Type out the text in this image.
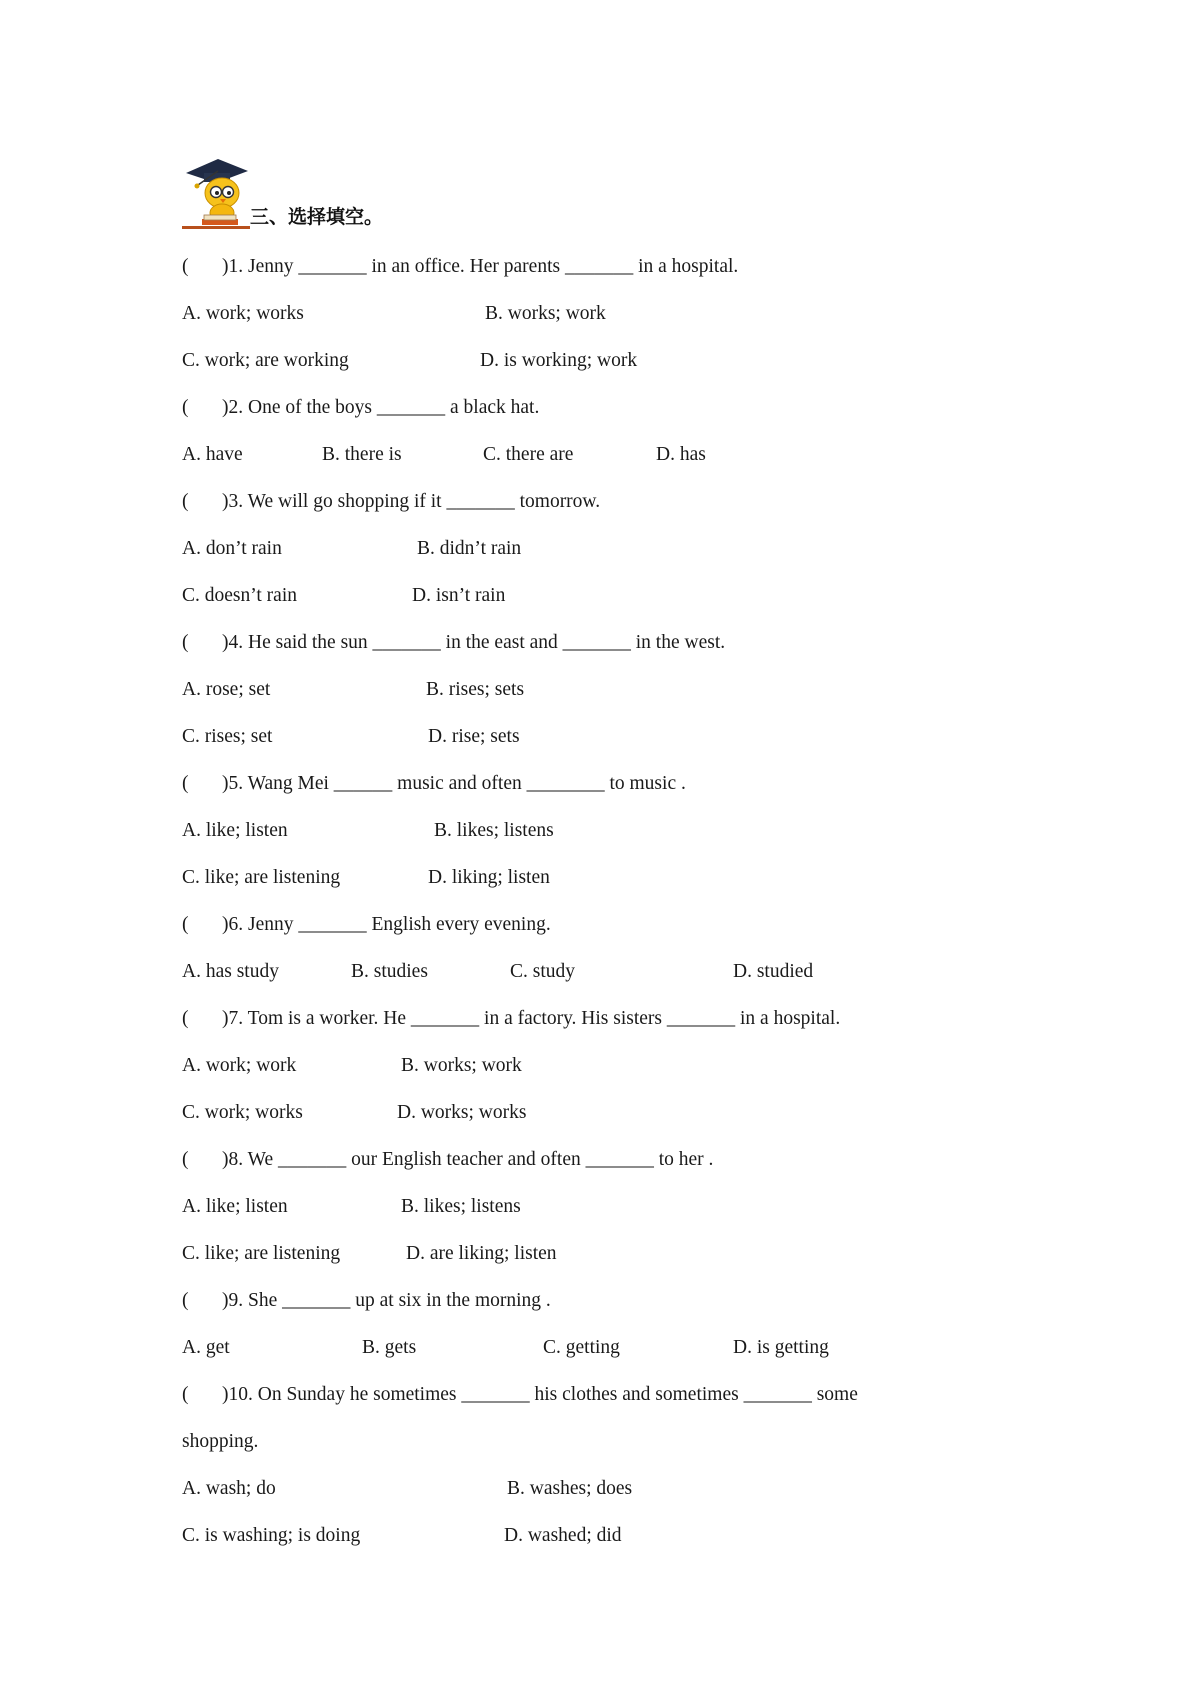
三、选择填空。
( )1. Jenny _______ in an office. Her parents _______ in a hospital.
A. work; works	B. works; work
C. work; are working	D. is working; work
( )2. One of the boys _______ a black hat.
A. have	B. there is	C. there are	D. has
( )3. We will go shopping if it _______ tomorrow.
A. don’t rain	B. didn’t rain
C. doesn’t rain	D. isn’t rain
( )4. He said the sun _______ in the east and _______ in the west.
A. rose; set	B. rises; sets
C. rises; set	D. rise; sets
( )5. Wang Mei ______ music and often ________ to music .
A. like; listen	B. likes; listens
C. like; are listening	D. liking; listen
( )6. Jenny _______ English every evening.
A. has study	B. studies	C. study	D. studied
( )7. Tom is a worker. He _______ in a factory. His sisters _______ in a hospital.
A. work; work	B. works; work
C. work; works	D. works; works
( )8. We _______ our English teacher and often _______ to her .
A. like; listen	B. likes; listens
C. like; are listening	D. are liking; listen
( )9. She _______ up at six in the morning .
A. get	B. gets	C. getting	D. is getting
( )10. On Sunday he sometimes _______ his clothes and sometimes _______ some
shopping.
A. wash; do	B. washes; does
C. is washing; is doing	D. washed; did
